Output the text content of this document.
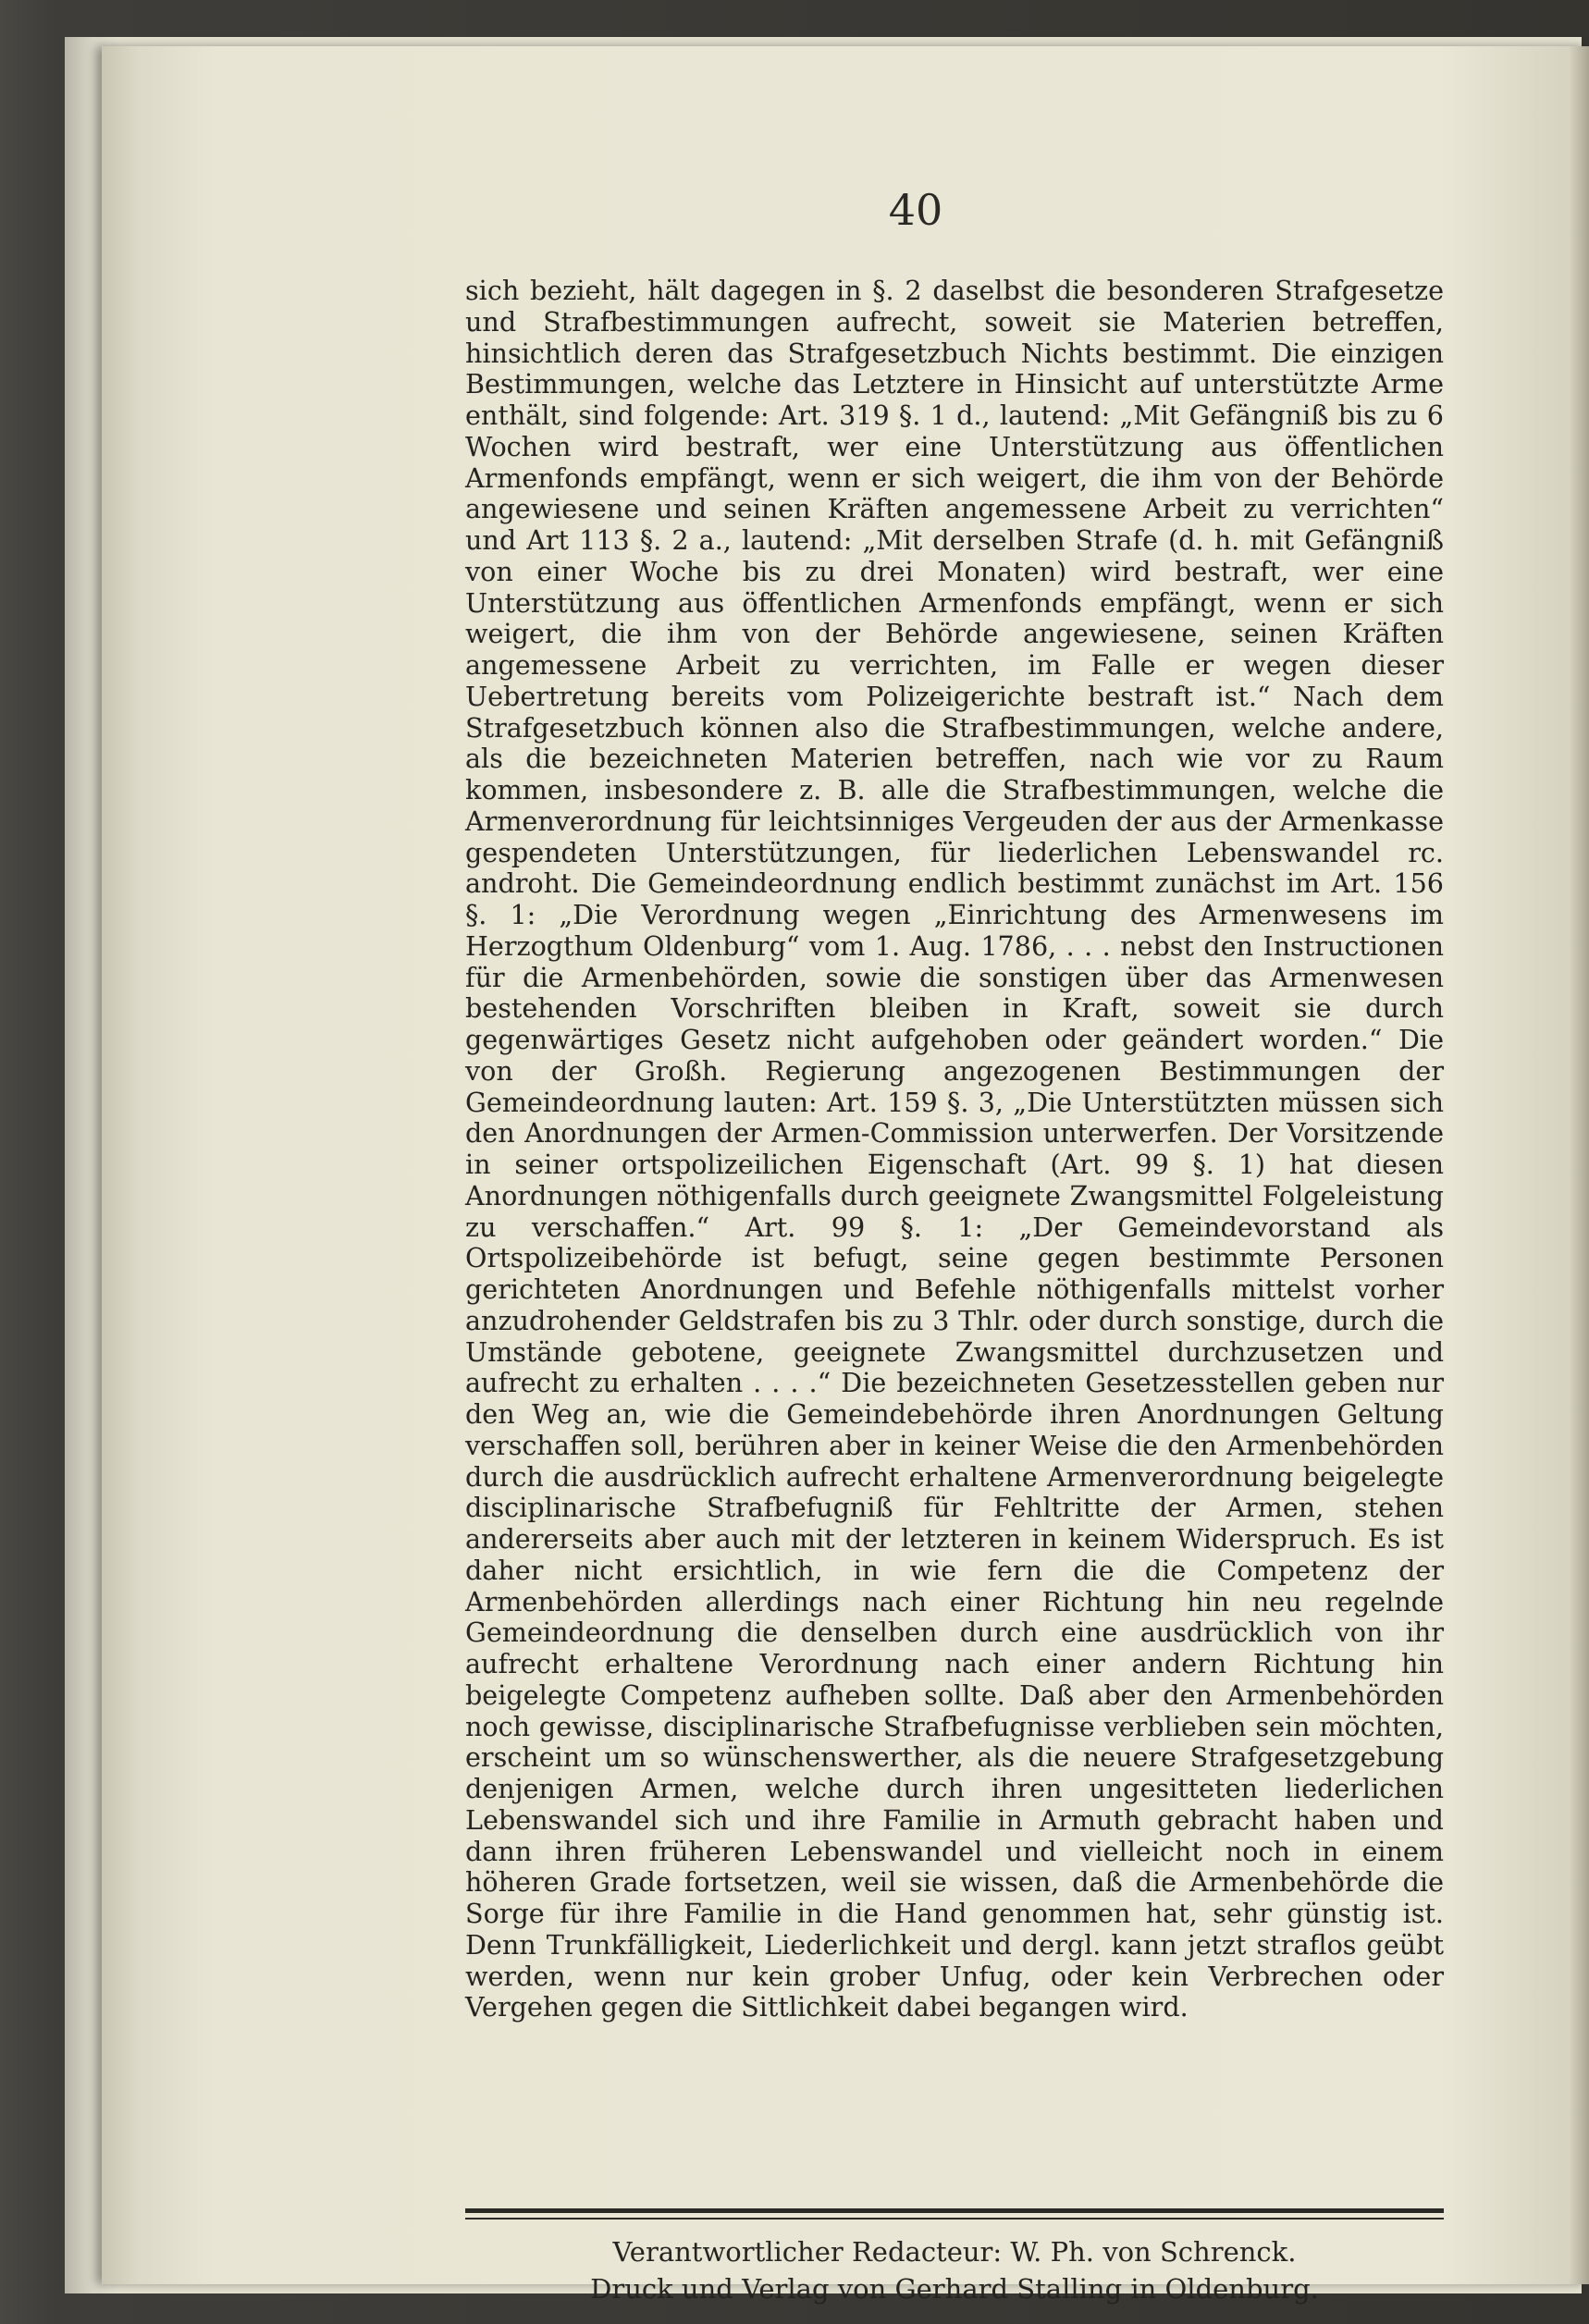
40
sich bezieht, hält dagegen in §. 2 daselbst die besonderen Strafgesetze und Strafbestimmungen aufrecht, soweit sie Materien betreffen, hinsichtlich deren das Strafgesetzbuch Nichts bestimmt. Die einzigen Bestimmungen, welche das Letztere in Hinsicht auf unterstützte Arme enthält, sind folgende: Art. 319 §. 1 d., lautend: „Mit Gefängniß bis zu 6 Wochen wird bestraft, wer eine Unterstützung aus öffentlichen Armenfonds empfängt, wenn er sich weigert, die ihm von der Behörde angewiesene und seinen Kräften angemessene Arbeit zu verrichten“ und Art 113 §. 2 a., lautend: „Mit derselben Strafe (d. h. mit Gefängniß von einer Woche bis zu drei Monaten) wird bestraft, wer eine Unterstützung aus öffentlichen Armenfonds empfängt, wenn er sich weigert, die ihm von der Behörde angewiesene, seinen Kräften angemessene Arbeit zu verrichten, im Falle er wegen dieser Uebertretung bereits vom Polizeigerichte bestraft ist.“ Nach dem Strafgesetzbuch können also die Strafbestimmungen, welche andere, als die bezeichneten Materien betreffen, nach wie vor zu Raum kommen, insbesondere z. B. alle die Strafbestimmungen, welche die Armenverordnung für leichtsinniges Vergeuden der aus der Armenkasse gespendeten Unterstützungen, für liederlichen Lebenswandel rc. androht. Die Gemeindeordnung endlich bestimmt zunächst im Art. 156 §. 1: „Die Verordnung wegen „Einrichtung des Armenwesens im Herzogthum Oldenburg“ vom 1. Aug. 1786, . . . nebst den Instructionen für die Armenbehörden, sowie die sonstigen über das Armenwesen bestehenden Vorschriften bleiben in Kraft, soweit sie durch gegenwärtiges Gesetz nicht aufgehoben oder geändert worden.“ Die von der Großh. Regierung angezogenen Bestimmungen der Gemeindeordnung lauten: Art. 159 §. 3, „Die Unterstützten müssen sich den Anordnungen der Armen-Commission unterwerfen. Der Vorsitzende in seiner ortspolizeilichen Eigenschaft (Art. 99 §. 1) hat diesen Anordnungen nöthigenfalls durch geeignete Zwangsmittel Folgeleistung zu verschaffen.“ Art. 99 §. 1: „Der Gemeindevorstand als Ortspolizeibehörde ist befugt, seine gegen bestimmte Personen gerichteten Anordnungen und Befehle nöthigenfalls mittelst vorher anzudrohender Geldstrafen bis zu 3 Thlr. oder durch sonstige, durch die Umstände gebotene, geeignete Zwangsmittel durchzusetzen und aufrecht zu erhalten . . . .“ Die bezeichneten Gesetzesstellen geben nur den Weg an, wie die Gemeindebehörde ihren Anordnungen Geltung verschaffen soll, berühren aber in keiner Weise die den Armenbehörden durch die ausdrücklich aufrecht erhaltene Armenverordnung beigelegte disciplinarische Strafbefugniß für Fehltritte der Armen, stehen andererseits aber auch mit der letzteren in keinem Widerspruch. Es ist daher nicht ersichtlich, in wie fern die die Competenz der Armenbehörden allerdings nach einer Richtung hin neu regelnde Gemeindeordnung die denselben durch eine ausdrücklich von ihr aufrecht erhaltene Verordnung nach einer andern Richtung hin beigelegte Competenz aufheben sollte. Daß aber den Armenbehörden noch gewisse, disciplinarische Strafbefugnisse verblieben sein möchten, erscheint um so wünschenswerther, als die neuere Strafgesetzgebung denjenigen Armen, welche durch ihren ungesitteten liederlichen Lebenswandel sich und ihre Familie in Armuth gebracht haben und dann ihren früheren Lebenswandel und vielleicht noch in einem höheren Grade fortsetzen, weil sie wissen, daß die Armenbehörde die Sorge für ihre Familie in die Hand genommen hat, sehr günstig ist. Denn Trunkfälligkeit, Liederlichkeit und dergl. kann jetzt straflos geübt werden, wenn nur kein grober Unfug, oder kein Verbrechen oder Vergehen gegen die Sittlichkeit dabei begangen wird.
Verantwortlicher Redacteur: W. Ph. von Schrenck.
Druck und Verlag von Gerhard Stalling in Oldenburg.
